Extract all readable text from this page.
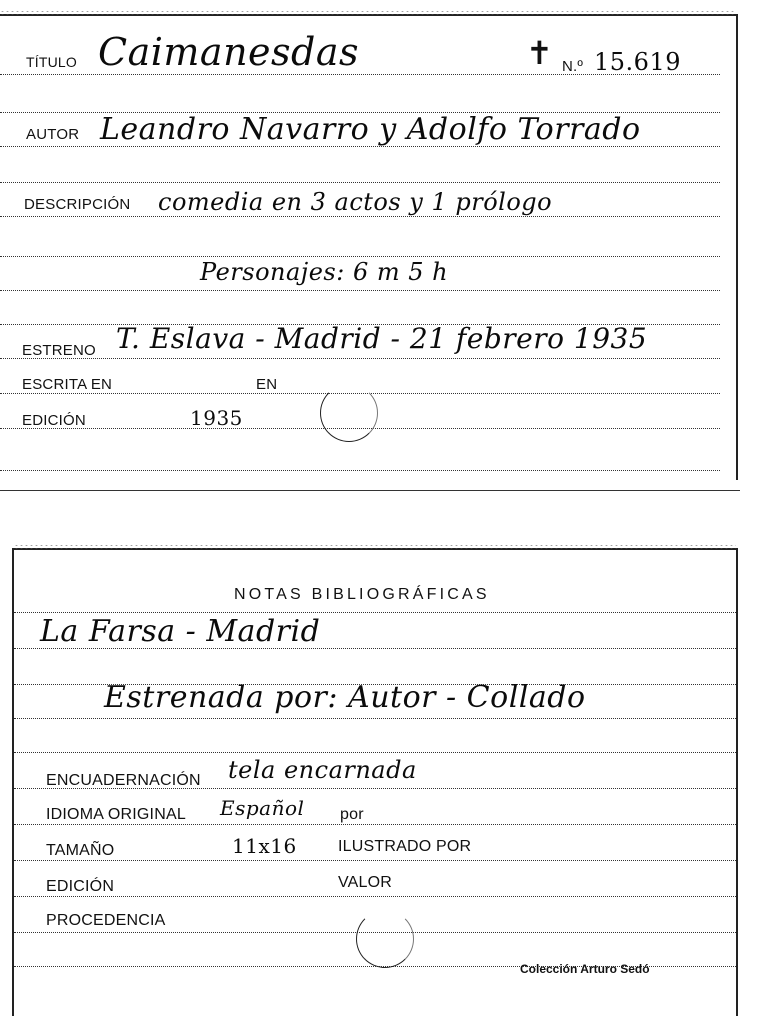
TÍTULO Caimanesdas	✝ N.º 15.619
AUTOR Leandro Navarro y Adolfo Torrado
DESCRIPCIÓN comedia en 3 actos y 1 prólogo
Personajes: 6 m 5 h
ESTRENO T. Eslava - Madrid - 21 febrero 1935
ESCRITA EN	EN
EDICIÓN	1935
NOTAS BIBLIOGRÁFICAS
La Farsa - Madrid
Estrenada por: Autor - Collado
ENCUADERNACIÓN tela encarnada
IDIOMA ORIGINAL Español por
TAMAÑO	11x16	ILUSTRADO POR
EDICIÓN	VALOR
PROCEDENCIA
Colección Arturo Sedó
